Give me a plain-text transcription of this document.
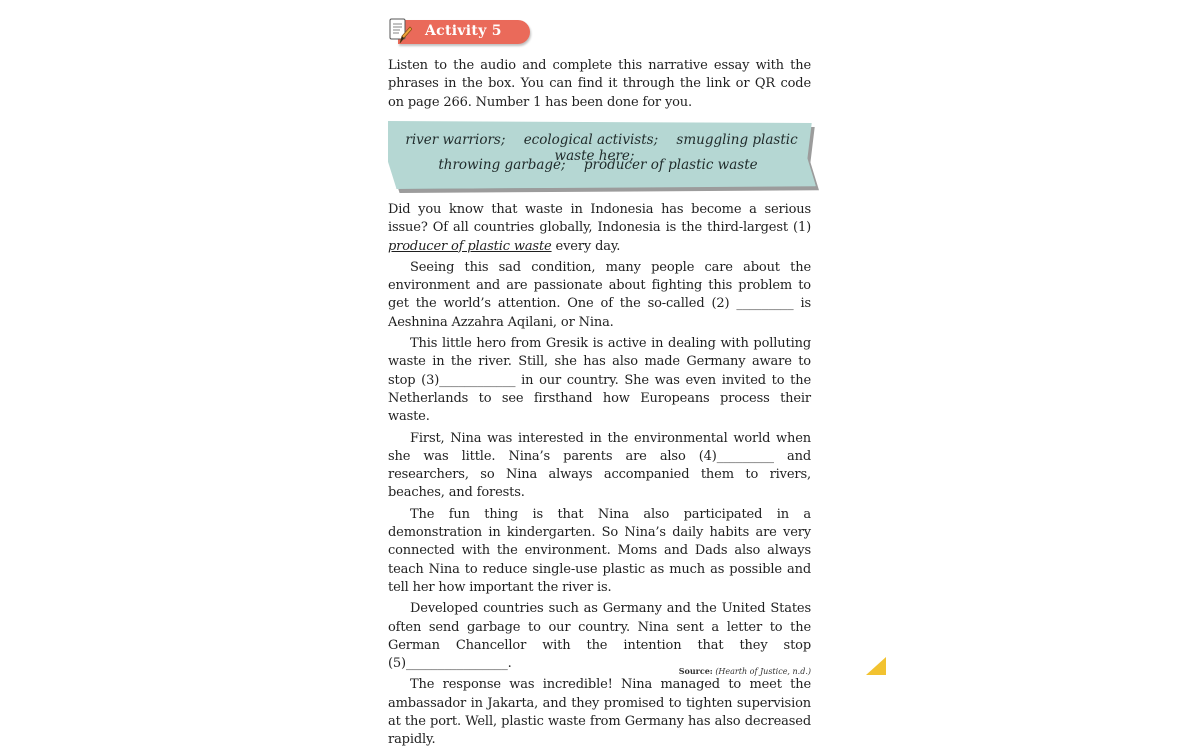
Activity 5

Listen to the audio and complete this narrative essay with the phrases in the box. You can find it through the link or QR code on page 266. Number 1 has been done for you.

river warriors; ecological activists; smuggling plastic waste here;
throwing garbage; producer of plastic waste

Did you know that waste in Indonesia has become a serious issue? Of all countries globally, Indonesia is the third-largest (1) producer of plastic waste every day.

Seeing this sad condition, many people care about the environment and are passionate about fighting this problem to get the world’s attention. One of the so-called (2) _________ is Aeshnina Azzahra Aqilani, or Nina.

This little hero from Gresik is active in dealing with polluting waste in the river. Still, she has also made Germany aware to stop (3)____________ in our country. She was even invited to the Netherlands to see firsthand how Europeans process their waste.

First, Nina was interested in the environmental world when she was little. Nina’s parents are also (4)_________ and researchers, so Nina always accompanied them to rivers, beaches, and forests.

The fun thing is that Nina also participated in a demonstration in kindergarten. So Nina’s daily habits are very connected with the environment. Moms and Dads also always teach Nina to reduce single-use plastic as much as possible and tell her how important the river is.

Developed countries such as Germany and the United States often send garbage to our country. Nina sent a letter to the German Chancellor with the intention that they stop (5)________________.

The response was incredible! Nina managed to meet the ambassador in Jakarta, and they promised to tighten supervision at the port. Well, plastic waste from Germany has also decreased rapidly.

Source: (Hearth of Justice, n.d.)
